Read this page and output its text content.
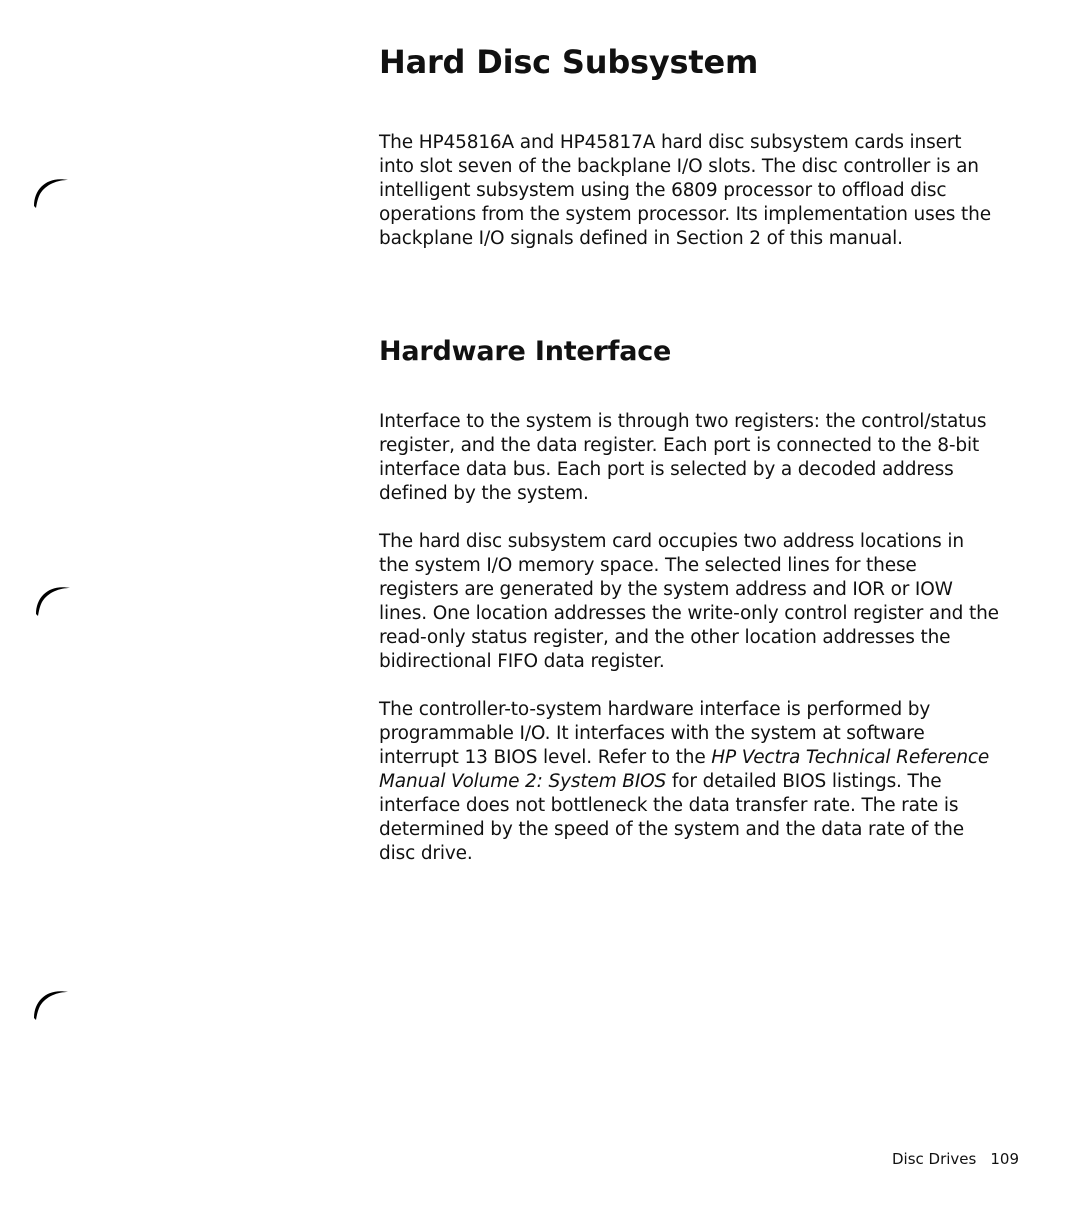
Hard Disc Subsystem

The HP45816A and HP45817A hard disc subsystem cards insert into slot seven of the backplane I/O slots. The disc controller is an intelligent subsystem using the 6809 processor to offload disc operations from the system processor. Its implementation uses the backplane I/O signals defined in Section 2 of this manual.

Hardware Interface

Interface to the system is through two registers: the control/status register, and the data register. Each port is connected to the 8-bit interface data bus. Each port is selected by a decoded address defined by the system.

The hard disc subsystem card occupies two address locations in the system I/O memory space. The selected lines for these registers are generated by the system address and IOR or IOW lines. One location addresses the write-only control register and the read-only status register, and the other location addresses the bidirectional FIFO data register.

The controller-to-system hardware interface is performed by programmable I/O. It interfaces with the system at software interrupt 13 BIOS level. Refer to the HP Vectra Technical Reference Manual Volume 2: System BIOS for detailed BIOS listings. The interface does not bottleneck the data transfer rate. The rate is determined by the speed of the system and the data rate of the disc drive.

Disc Drives 109
